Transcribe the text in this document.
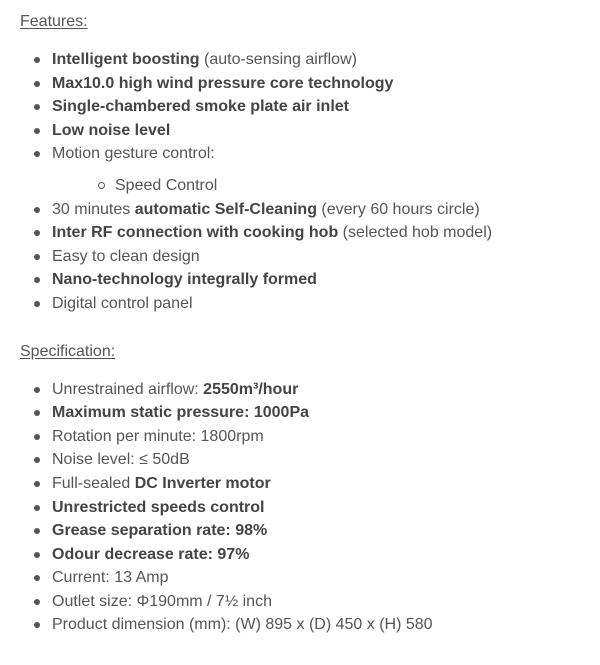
Features:
Intelligent boosting (auto-sensing airflow)
Max10.0 high wind pressure core technology
Single-chambered smoke plate air inlet
Low noise level
Motion gesture control:
Speed Control
30 minutes automatic Self-Cleaning (every 60 hours circle)
Inter RF connection with cooking hob (selected hob model)
Easy to clean design
Nano-technology integrally formed
Digital control panel
Specification:
Unrestrained airflow: 2550m³/hour
Maximum static pressure: 1000Pa
Rotation per minute: 1800rpm
Noise level: ≤ 50dB
Full-sealed DC Inverter motor
Unrestricted speeds control
Grease separation rate: 98%
Odour decrease rate: 97%
Current: 13 Amp
Outlet size: Φ190mm / 7½ inch
Product dimension (mm): (W) 895 x (D) 450 x (H) 580
